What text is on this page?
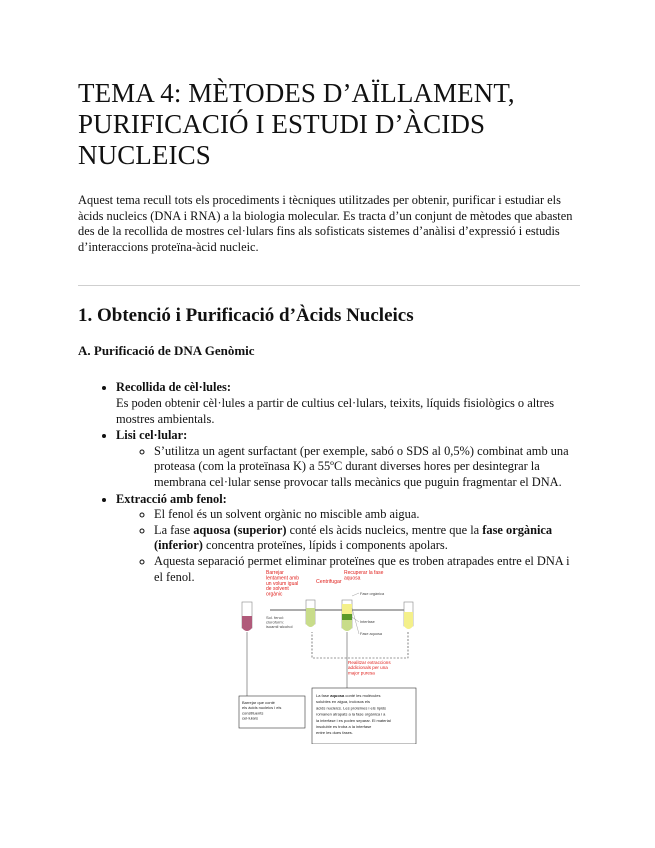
TEMA 4: MÈTODES D’AÏLLAMENT, PURIFICACIÓ I ESTUDI D’ÀCIDS NUCLEICS

Aquest tema recull tots els procediments i tècniques utilitzades per obtenir, purificar i estudiar els àcids nucleics (DNA i RNA) a la biologia molecular. Es tracta d’un conjunt de mètodes que abasten des de la recollida de mostres cel·lulars fins als sofisticats sistemes d’anàlisi d’expressió i estudis d’interaccions proteïna-àcid nucleic.

1. Obtenció i Purificació d’Àcids Nucleics
A. Purificació de DNA Genòmic
• Recollida de cèl·lules:
Es poden obtenir cèl·lules a partir de cultius cel·lulars, teixits, líquids fisiològics o altres mostres ambientals.
• Lisi cel·lular:
◦ S’utilitza un agent surfactant (per exemple, sabó o SDS al 0,5%) combinat amb una proteasa (com la proteïnasa K) a 55ºC durant diverses hores per desintegrar la membrana cel·lular sense provocar talls mecànics que puguin fragmentar el DNA.
• Extracció amb fenol:
◦ El fenol és un solvent orgànic no miscible amb aigua.
◦ La fase aquosa (superior) conté els àcids nucleics, mentre que la fase orgànica (inferior) concentra proteïnes, lípids i components apolars.
◦ Aquesta separació permet eliminar proteïnes que es troben atrapades entre el DNA i el fenol.	Barrejar lentament amb un volum igual de solvent orgànic
Centrifugar
Recuperar la fase aquosa
Sol. fenol: cloroform: isoamil·alcohol
Fase orgànica
Interfase
Fase aquosa
Realitzar extraccions addicionals per una major puresa
Barrejar que conté els àcids nucleics i els constituents cel·lulars
La fase aquosa conté les molècules solubles en aigua, inclosos els àcids nucleics. Les proteïnes i els lípids romanen atrapats a la fase orgànica i a la interfase i es poden separar. El material insoluble es troba a la interfase entre les dues fases.
